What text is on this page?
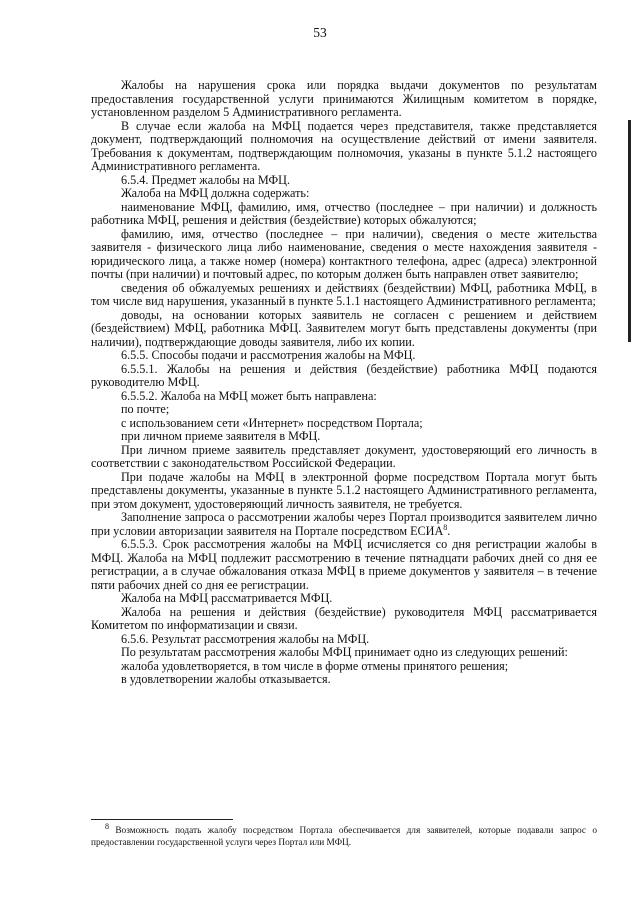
53

Жалобы на нарушения срока или порядка выдачи документов по результатам предоставления государственной услуги принимаются Жилищным комитетом в порядке, установленном разделом 5 Административного регламента.

В случае если жалоба на МФЦ подается через представителя, также представляется документ, подтверждающий полномочия на осуществление действий от имени заявителя. Требования к документам, подтверждающим полномочия, указаны в пункте 5.1.2 настоящего Административного регламента.

6.5.4. Предмет жалобы на МФЦ.

Жалоба на МФЦ должна содержать:

наименование МФЦ, фамилию, имя, отчество (последнее – при наличии) и должность работника МФЦ, решения и действия (бездействие) которых обжалуются;

фамилию, имя, отчество (последнее – при наличии), сведения о месте жительства заявителя - физического лица либо наименование, сведения о месте нахождения заявителя - юридического лица, а также номер (номера) контактного телефона, адрес (адреса) электронной почты (при наличии) и почтовый адрес, по которым должен быть направлен ответ заявителю;

сведения об обжалуемых решениях и действиях (бездействии) МФЦ, работника МФЦ, в том числе вид нарушения, указанный в пункте 5.1.1 настоящего Административного регламента;

доводы, на основании которых заявитель не согласен с решением и действием (бездействием) МФЦ, работника МФЦ. Заявителем могут быть представлены документы (при наличии), подтверждающие доводы заявителя, либо их копии.

6.5.5. Способы подачи и рассмотрения жалобы на МФЦ.

6.5.5.1. Жалобы на решения и действия (бездействие) работника МФЦ подаются руководителю МФЦ.

6.5.5.2. Жалоба на МФЦ может быть направлена:

по почте;

с использованием сети «Интернет» посредством Портала;

при личном приеме заявителя в МФЦ.

При личном приеме заявитель представляет документ, удостоверяющий его личность в соответствии с законодательством Российской Федерации.

При подаче жалобы на МФЦ в электронной форме посредством Портала могут быть представлены документы, указанные в пункте 5.1.2 настоящего Административного регламента, при этом документ, удостоверяющий личность заявителя, не требуется.

Заполнение запроса о рассмотрении жалобы через Портал производится заявителем лично при условии авторизации заявителя на Портале посредством ЕСИА$^8$.

6.5.5.3. Срок рассмотрения жалобы на МФЦ исчисляется со дня регистрации жалобы в МФЦ. Жалоба на МФЦ подлежит рассмотрению в течение пятнадцати рабочих дней со дня ее регистрации, а в случае обжалования отказа МФЦ в приеме документов у заявителя – в течение пяти рабочих дней со дня ее регистрации.

Жалоба на МФЦ рассматривается МФЦ.

Жалоба на решения и действия (бездействие) руководителя МФЦ рассматривается Комитетом по информатизации и связи.

6.5.6. Результат рассмотрения жалобы на МФЦ.

По результатам рассмотрения жалобы МФЦ принимает одно из следующих решений:

жалоба удовлетворяется, в том числе в форме отмены принятого решения;

в удовлетворении жалобы отказывается.

$^8$ Возможность подать жалобу посредством Портала обеспечивается для заявителей, которые подавали запрос о предоставлении государственной услуги через Портал или МФЦ.
